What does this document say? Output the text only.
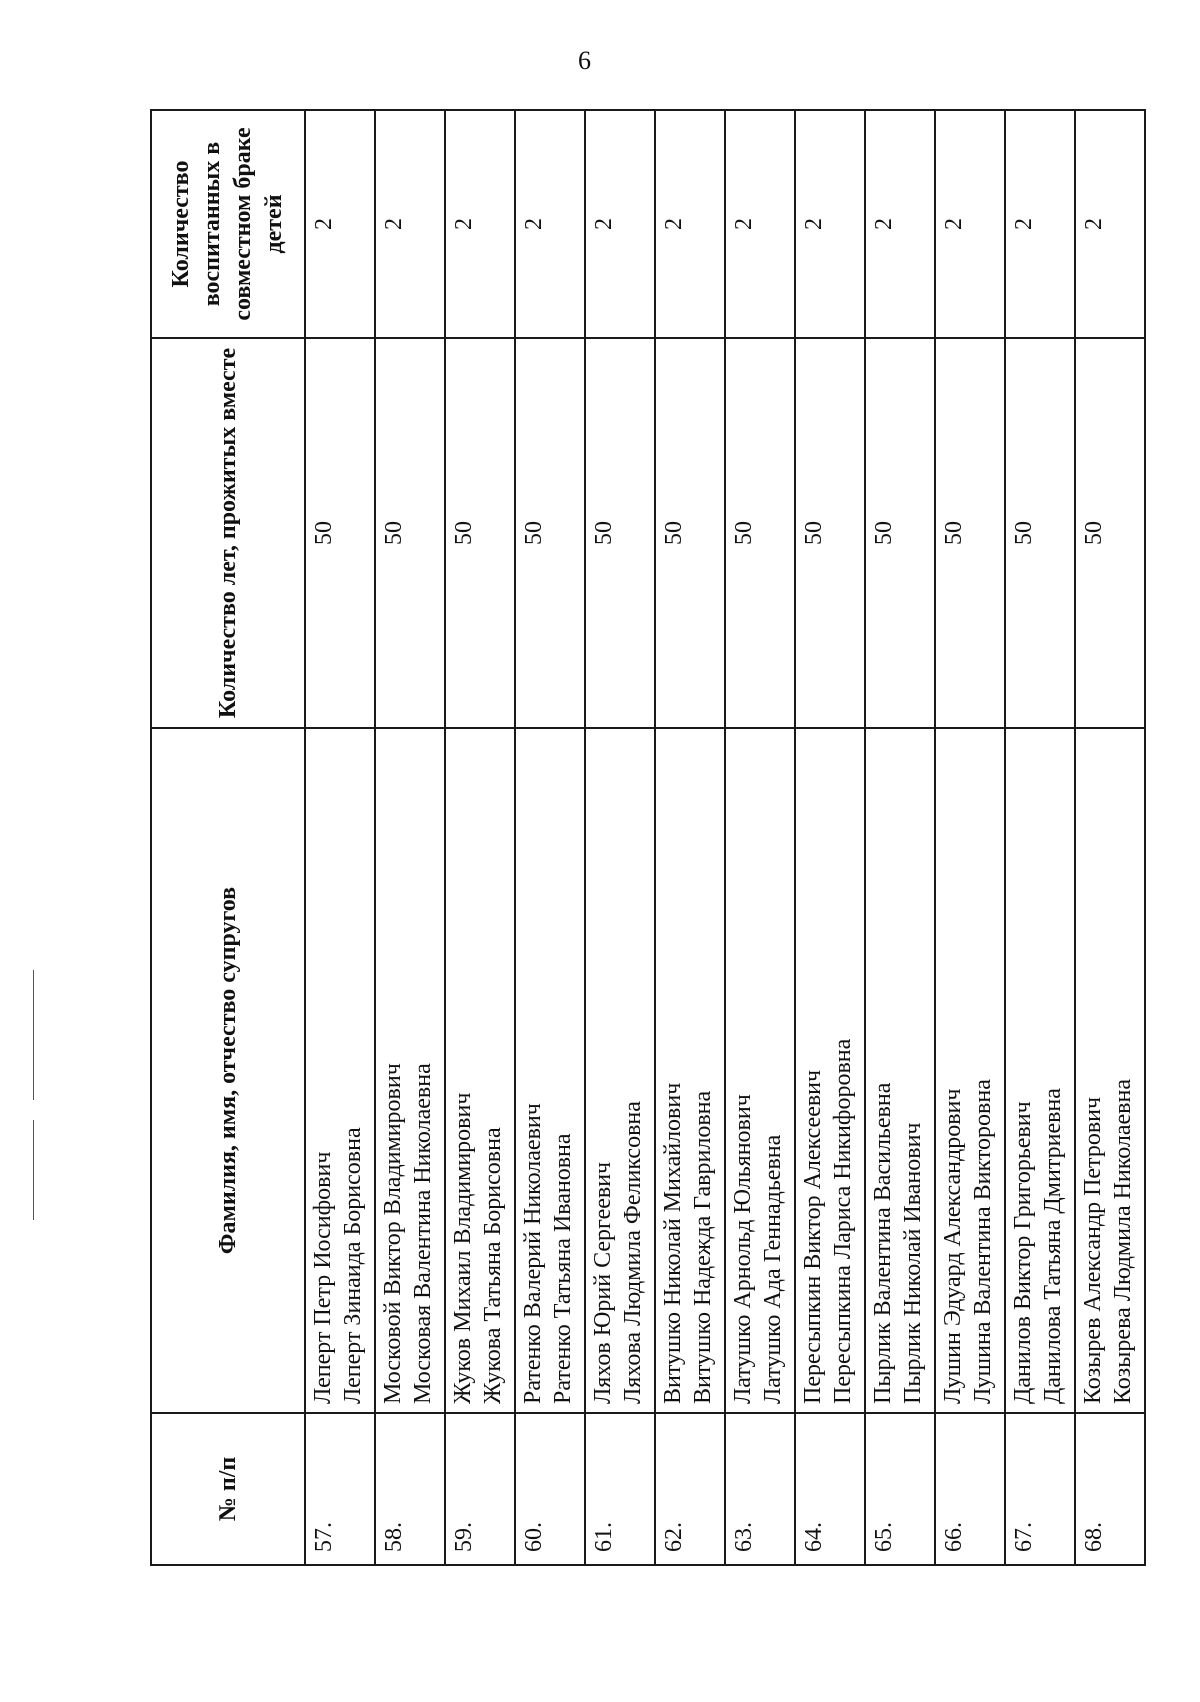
6
№ п/п	Фамилия, имя, отчество супругов	Количество лет, прожитых вместе	Количество воспитанных в совместном браке детей
57.	Леперт Петр Иосифович Леперт Зинаида Борисовна	50	2
58.	Московой Виктор Владимирович Московая Валентина Николаевна	50	2
59.	Жуков Михаил Владимирович Жукова Татьяна Борисовна	50	2
60.	Ратенко Валерий Николаевич Ратенко Татьяна Ивановна	50	2
61.	Ляхов Юрий Сергеевич Ляхова Людмила Феликсовна	50	2
62.	Витушко Николай Михайлович Витушко Надежда Гавриловна	50	2
63.	Латушко Арнольд Юльянович Латушко Ада Геннадьевна	50	2
64.	Пересыпкин Виктор Алексеевич Пересыпкина Лариса Никифоровна	50	2
65.	Пырлик Валентина Васильевна Пырлик Николай Иванович	50	2
66.	Лушин Эдуард Александрович Лушина Валентина Викторовна	50	2
67.	Данилов Виктор Григорьевич Данилова Татьяна Дмитриевна	50	2
68.	Козырев Александр Петрович Козырева Людмила Николаевна	50	2
